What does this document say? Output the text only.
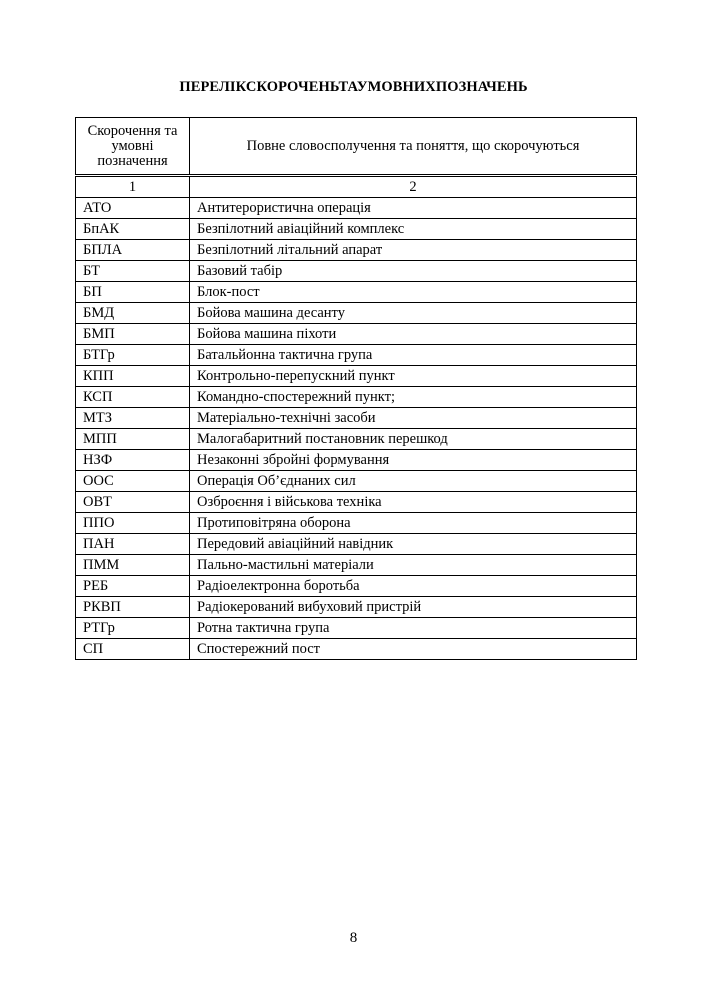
ПЕРЕЛІКСКОРОЧЕНЬТАУМОВНИХПОЗНАЧЕНЬ
Скорочення та умовні позначення	Повне словосполучення та поняття, що скорочуються
1	2
АТО	Антитерористична операція
БпАК	Безпілотний авіаційний комплекс
БПЛА	Безпілотний літальний апарат
БТ	Базовий табір
БП	Блок-пост
БМД	Бойова машина десанту
БМП	Бойова машина піхоти
БТГр	Батальйонна тактична група
КПП	Контрольно-перепускний пункт
КСП	Командно-спостережний пункт;
МТЗ	Матеріально-технічні засоби
МПП	Малогабаритний постановник перешкод
НЗФ	Незаконні збройні формування
ООС	Операція Об’єднаних сил
ОВТ	Озброєння і військова техніка
ППО	Протиповітряна оборона
ПАН	Передовий авіаційний навідник
ПММ	Пально-мастильні матеріали
РЕБ	Радіоелектронна боротьба
РКВП	Радіокерований вибуховий пристрій
РТГр	Ротна тактична група
СП	Спостережний пост
8
